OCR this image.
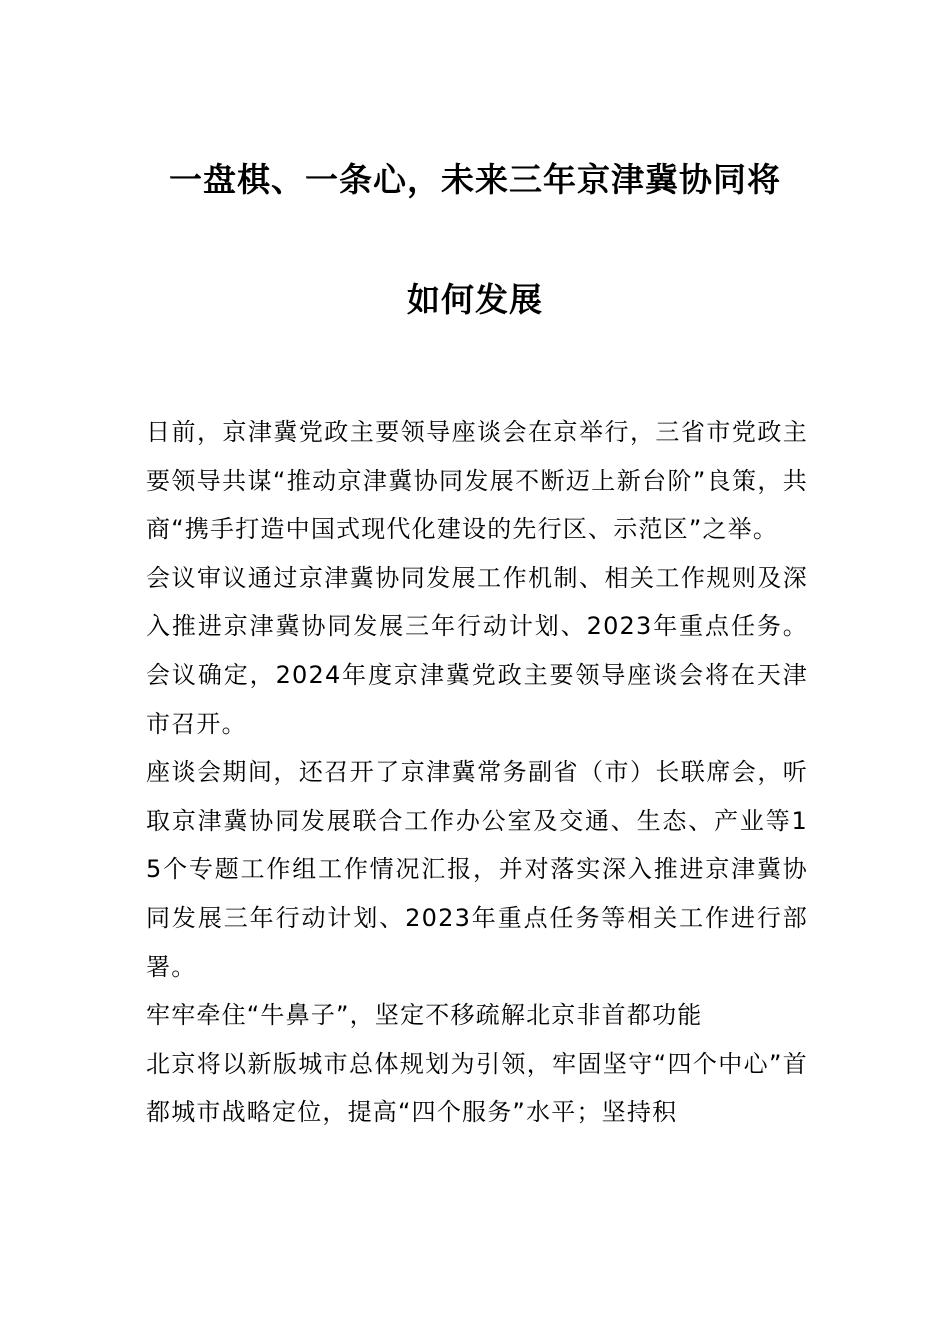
一盘棋、一条心，未来三年京津冀协同将
如何发展

日前，京津冀党政主要领导座谈会在京举行，三省市党政主要领导共谋“推动京津冀协同发展不断迈上新台阶”良策，共商“携手打造中国式现代化建设的先行区、示范区”之举。

会议审议通过京津冀协同发展工作机制、相关工作规则及深入推进京津冀协同发展三年行动计划、2023年重点任务。会议确定，2024年度京津冀党政主要领导座谈会将在天津市召开。

座谈会期间，还召开了京津冀常务副省（市）长联席会，听取京津冀协同发展联合工作办公室及交通、生态、产业等15个专题工作组工作情况汇报，并对落实深入推进京津冀协同发展三年行动计划、2023年重点任务等相关工作进行部署。

牢牢牵住“牛鼻子”，坚定不移疏解北京非首都功能

北京将以新版城市总体规划为引领，牢固坚守“四个中心”首都城市战略定位，提高“四个服务”水平；坚持积
